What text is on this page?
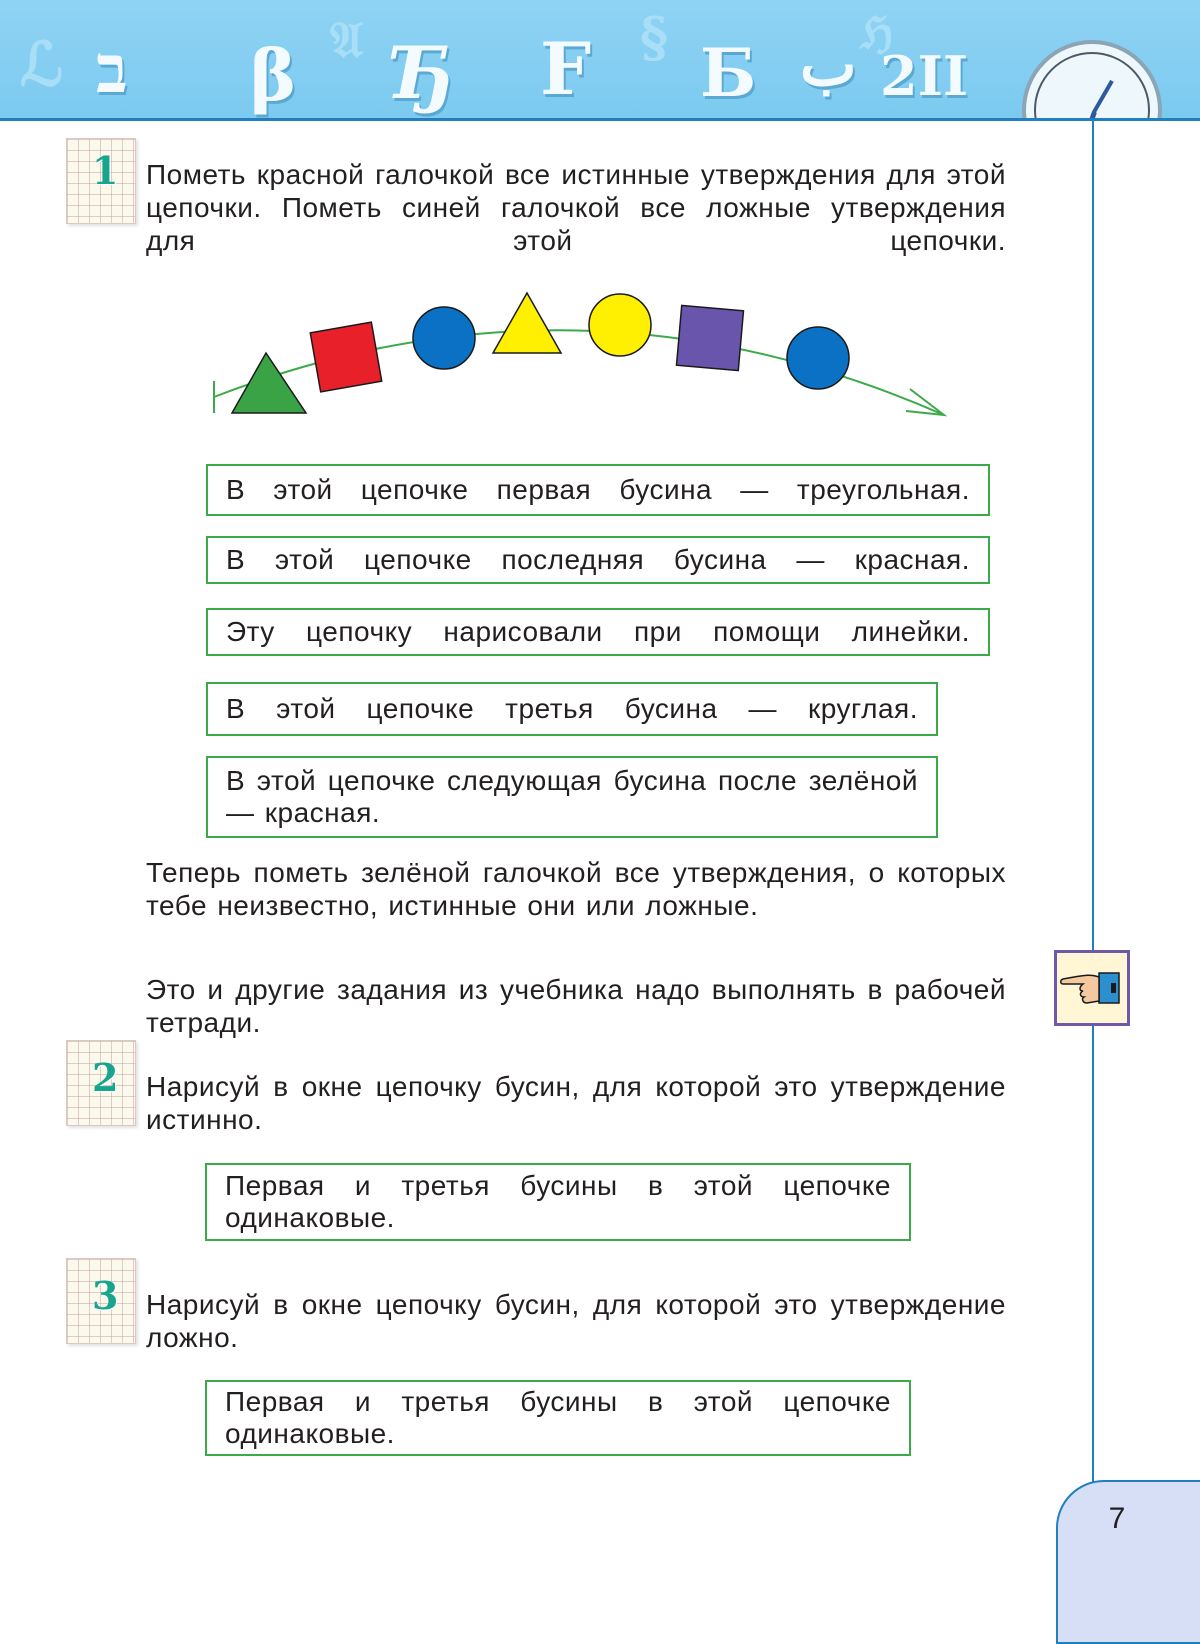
ℒ	𝔄	§	ℌ
ב β Ђ F Б ب 2II
1 Пометь красной галочкой все истинные утверждения для этой цепочки. Пометь синей галочкой все ложные утверждения для этой цепочки.
В этой цепочке первая бусина — треугольная.
В этой цепочке последняя бусина — красная.
Эту цепочку нарисовали при помощи линейки.
В этой цепочке третья бусина — круглая.
В этой цепочке следующая бусина после зелёной — красная.
Теперь пометь зелёной галочкой все утверждения, о которых тебе неизвестно, истинные они или ложные.
Это и другие задания из учебника надо выполнять в рабочей тетради.
2 Нарисуй в окне цепочку бусин, для которой это утверждение истинно.
Первая и третья бусины в этой цепочке одинаковые.
3 Нарисуй в окне цепочку бусин, для которой это утверждение ложно.
Первая и третья бусины в этой цепочке одинаковые.
7
